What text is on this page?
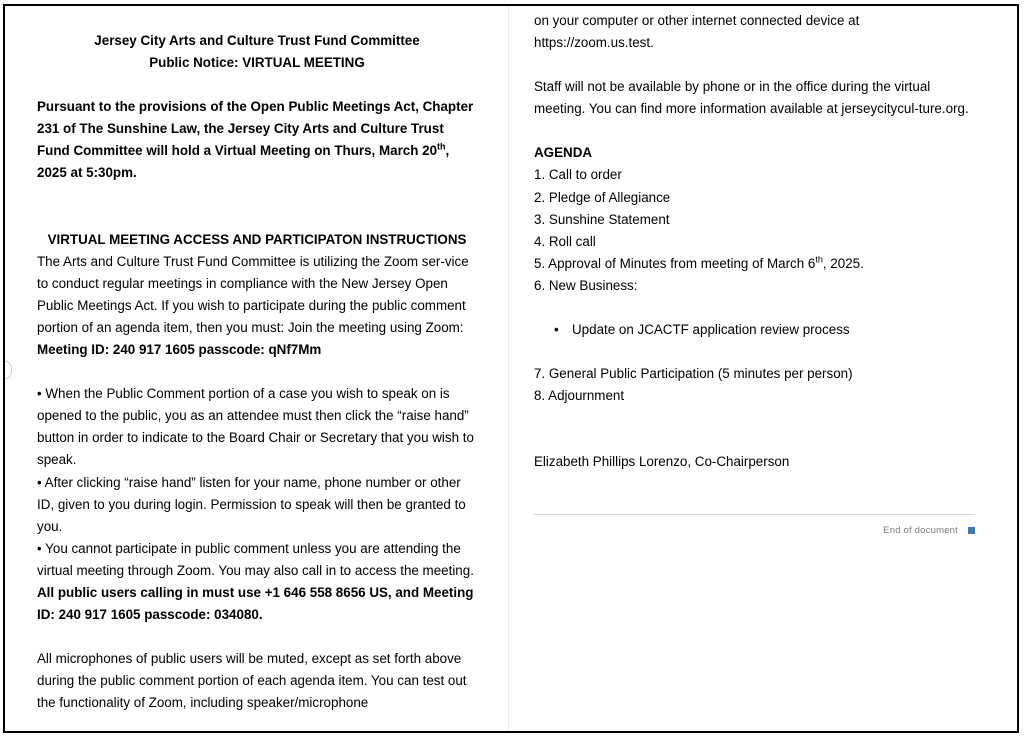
Jersey City Arts and Culture Trust Fund Committee

Public Notice: VIRTUAL MEETING

Pursuant to the provisions of the Open Public Meetings Act, Chapter 231 of The Sunshine Law, the Jersey City Arts and Culture Trust Fund Committee will hold a Virtual Meeting on Thurs, March 20th, 2025 at 5:30pm.

VIRTUAL MEETING ACCESS AND PARTICIPATON INSTRUCTIONS

The Arts and Culture Trust Fund Committee is utilizing the Zoom ser-vice to conduct regular meetings in compliance with the New Jersey Open Public Meetings Act. If you wish to participate during the public comment portion of an agenda item, then you must: Join the meeting using Zoom: Meeting ID: 240 917 1605 passcode: qNf7Mm

• When the Public Comment portion of a case you wish to speak on is opened to the public, you as an attendee must then click the “raise hand” button in order to indicate to the Board Chair or Secretary that you wish to speak.

• After clicking “raise hand” listen for your name, phone number or other ID, given to you during login. Permission to speak will then be granted to you.

• You cannot participate in public comment unless you are attending the virtual meeting through Zoom. You may also call in to access the meeting. All public users calling in must use +1 646 558 8656 US, and Meeting ID: 240 917 1605 passcode: 034080.

All microphones of public users will be muted, except as set forth above during the public comment portion of each agenda item. You can test out the functionality of Zoom, including speaker/microphone

on your computer or other internet connected device at https://zoom.us.test.

Staff will not be available by phone or in the office during the virtual meeting. You can find more information available at jerseycitycul-ture.org.

AGENDA

1. Call to order

2. Pledge of Allegiance

3. Sunshine Statement

4. Roll call

5. Approval of Minutes from meeting of March 6th, 2025.

6. New Business:

• Update on JCACTF application review process

7. General Public Participation (5 minutes per person)

8. Adjournment

Elizabeth Phillips Lorenzo, Co-Chairperson

End of document
